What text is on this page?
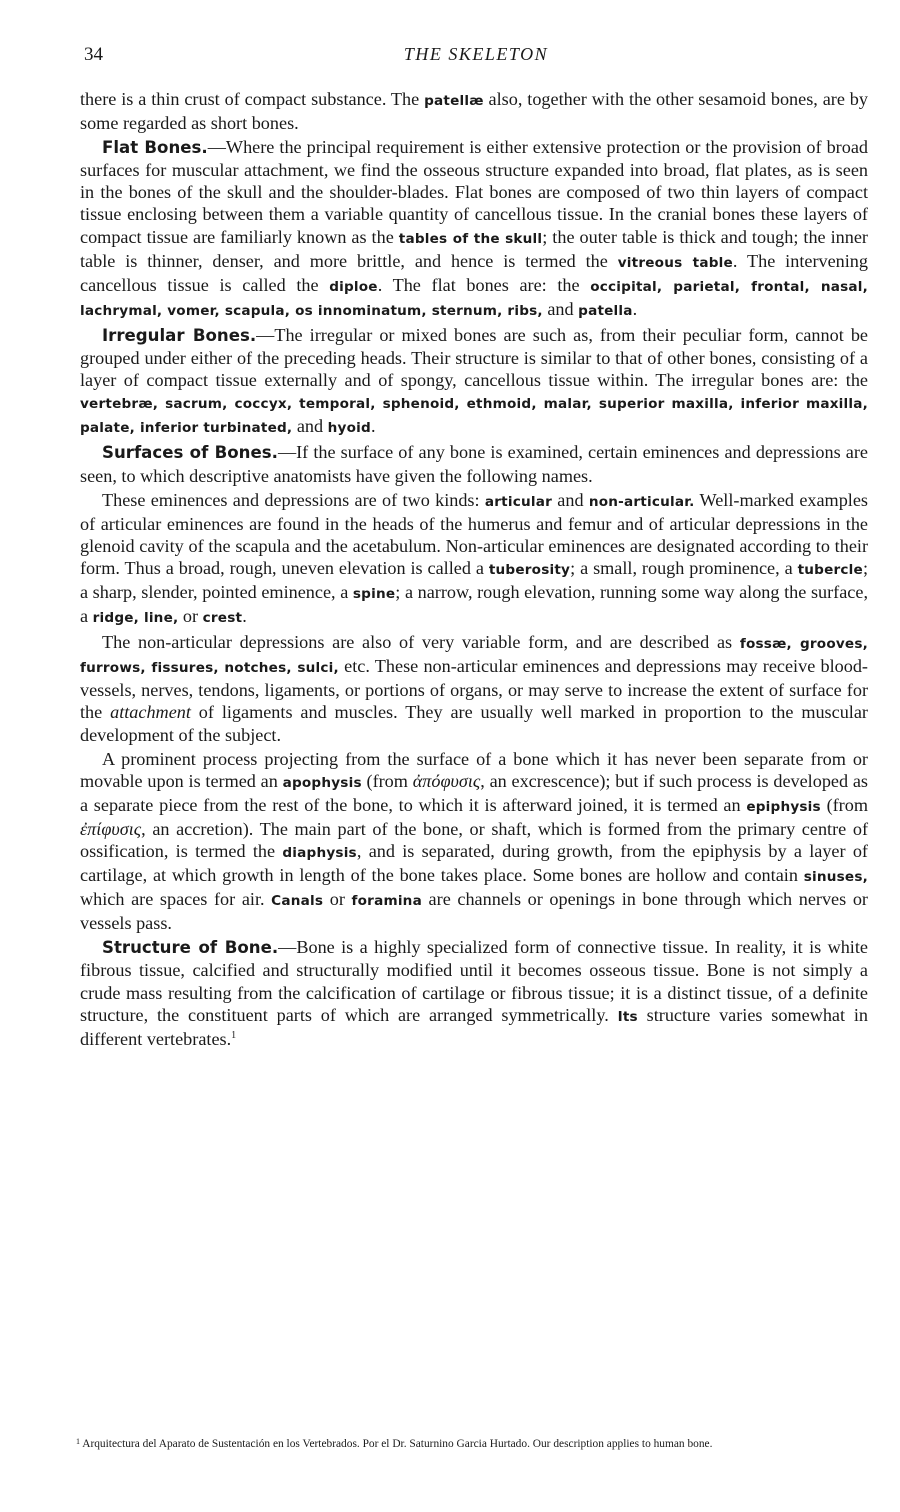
34	THE SKELETON

there is a thin crust of compact substance. The patellæ also, together with the other sesamoid bones, are by some regarded as short bones.

Flat Bones.—Where the principal requirement is either extensive protection or the provision of broad surfaces for muscular attachment, we find the osseous structure expanded into broad, flat plates, as is seen in the bones of the skull and the shoulder-blades. Flat bones are composed of two thin layers of compact tissue enclosing between them a variable quantity of cancellous tissue. In the cranial bones these layers of compact tissue are familiarly known as the tables of the skull; the outer table is thick and tough; the inner table is thinner, denser, and more brittle, and hence is termed the vitreous table. The intervening cancellous tissue is called the diploe. The flat bones are: the occipital, parietal, frontal, nasal, lachrymal, vomer, scapula, os innominatum, sternum, ribs, and patella.

Irregular Bones.—The irregular or mixed bones are such as, from their peculiar form, cannot be grouped under either of the preceding heads. Their structure is similar to that of other bones, consisting of a layer of compact tissue externally and of spongy, cancellous tissue within. The irregular bones are: the vertebræ, sacrum, coccyx, temporal, sphenoid, ethmoid, malar, superior maxilla, inferior maxilla, palate, inferior turbinated, and hyoid.

Surfaces of Bones.—If the surface of any bone is examined, certain eminences and depressions are seen, to which descriptive anatomists have given the following names.

These eminences and depressions are of two kinds: articular and non-articular. Well-marked examples of articular eminences are found in the heads of the humerus and femur and of articular depressions in the glenoid cavity of the scapula and the acetabulum. Non-articular eminences are designated according to their form. Thus a broad, rough, uneven elevation is called a tuberosity; a small, rough prominence, a tubercle; a sharp, slender, pointed eminence, a spine; a narrow, rough elevation, running some way along the surface, a ridge, line, or crest.

The non-articular depressions are also of very variable form, and are described as fossæ, grooves, furrows, fissures, notches, sulci, etc. These non-articular eminences and depressions may receive blood-vessels, nerves, tendons, ligaments, or portions of organs, or may serve to increase the extent of surface for the attachment of ligaments and muscles. They are usually well marked in proportion to the muscular development of the subject.

A prominent process projecting from the surface of a bone which it has never been separate from or movable upon is termed an apophysis (from ἀπόφυσις, an excrescence); but if such process is developed as a separate piece from the rest of the bone, to which it is afterward joined, it is termed an epiphysis (from ἐπίφυσις, an accretion). The main part of the bone, or shaft, which is formed from the primary centre of ossification, is termed the diaphysis, and is separated, during growth, from the epiphysis by a layer of cartilage, at which growth in length of the bone takes place. Some bones are hollow and contain sinuses, which are spaces for air. Canals or foramina are channels or openings in bone through which nerves or vessels pass.

Structure of Bone.—Bone is a highly specialized form of connective tissue. In reality, it is white fibrous tissue, calcified and structurally modified until it becomes osseous tissue. Bone is not simply a crude mass resulting from the calcification of cartilage or fibrous tissue; it is a distinct tissue, of a definite structure, the constituent parts of which are arranged symmetrically. Its structure varies somewhat in different vertebrates.$^1$

$^1$ Arquitectura del Aparato de Sustentación en los Vertebrados. Por el Dr. Saturnino Garcia Hurtado. Our description applies to human bone.
